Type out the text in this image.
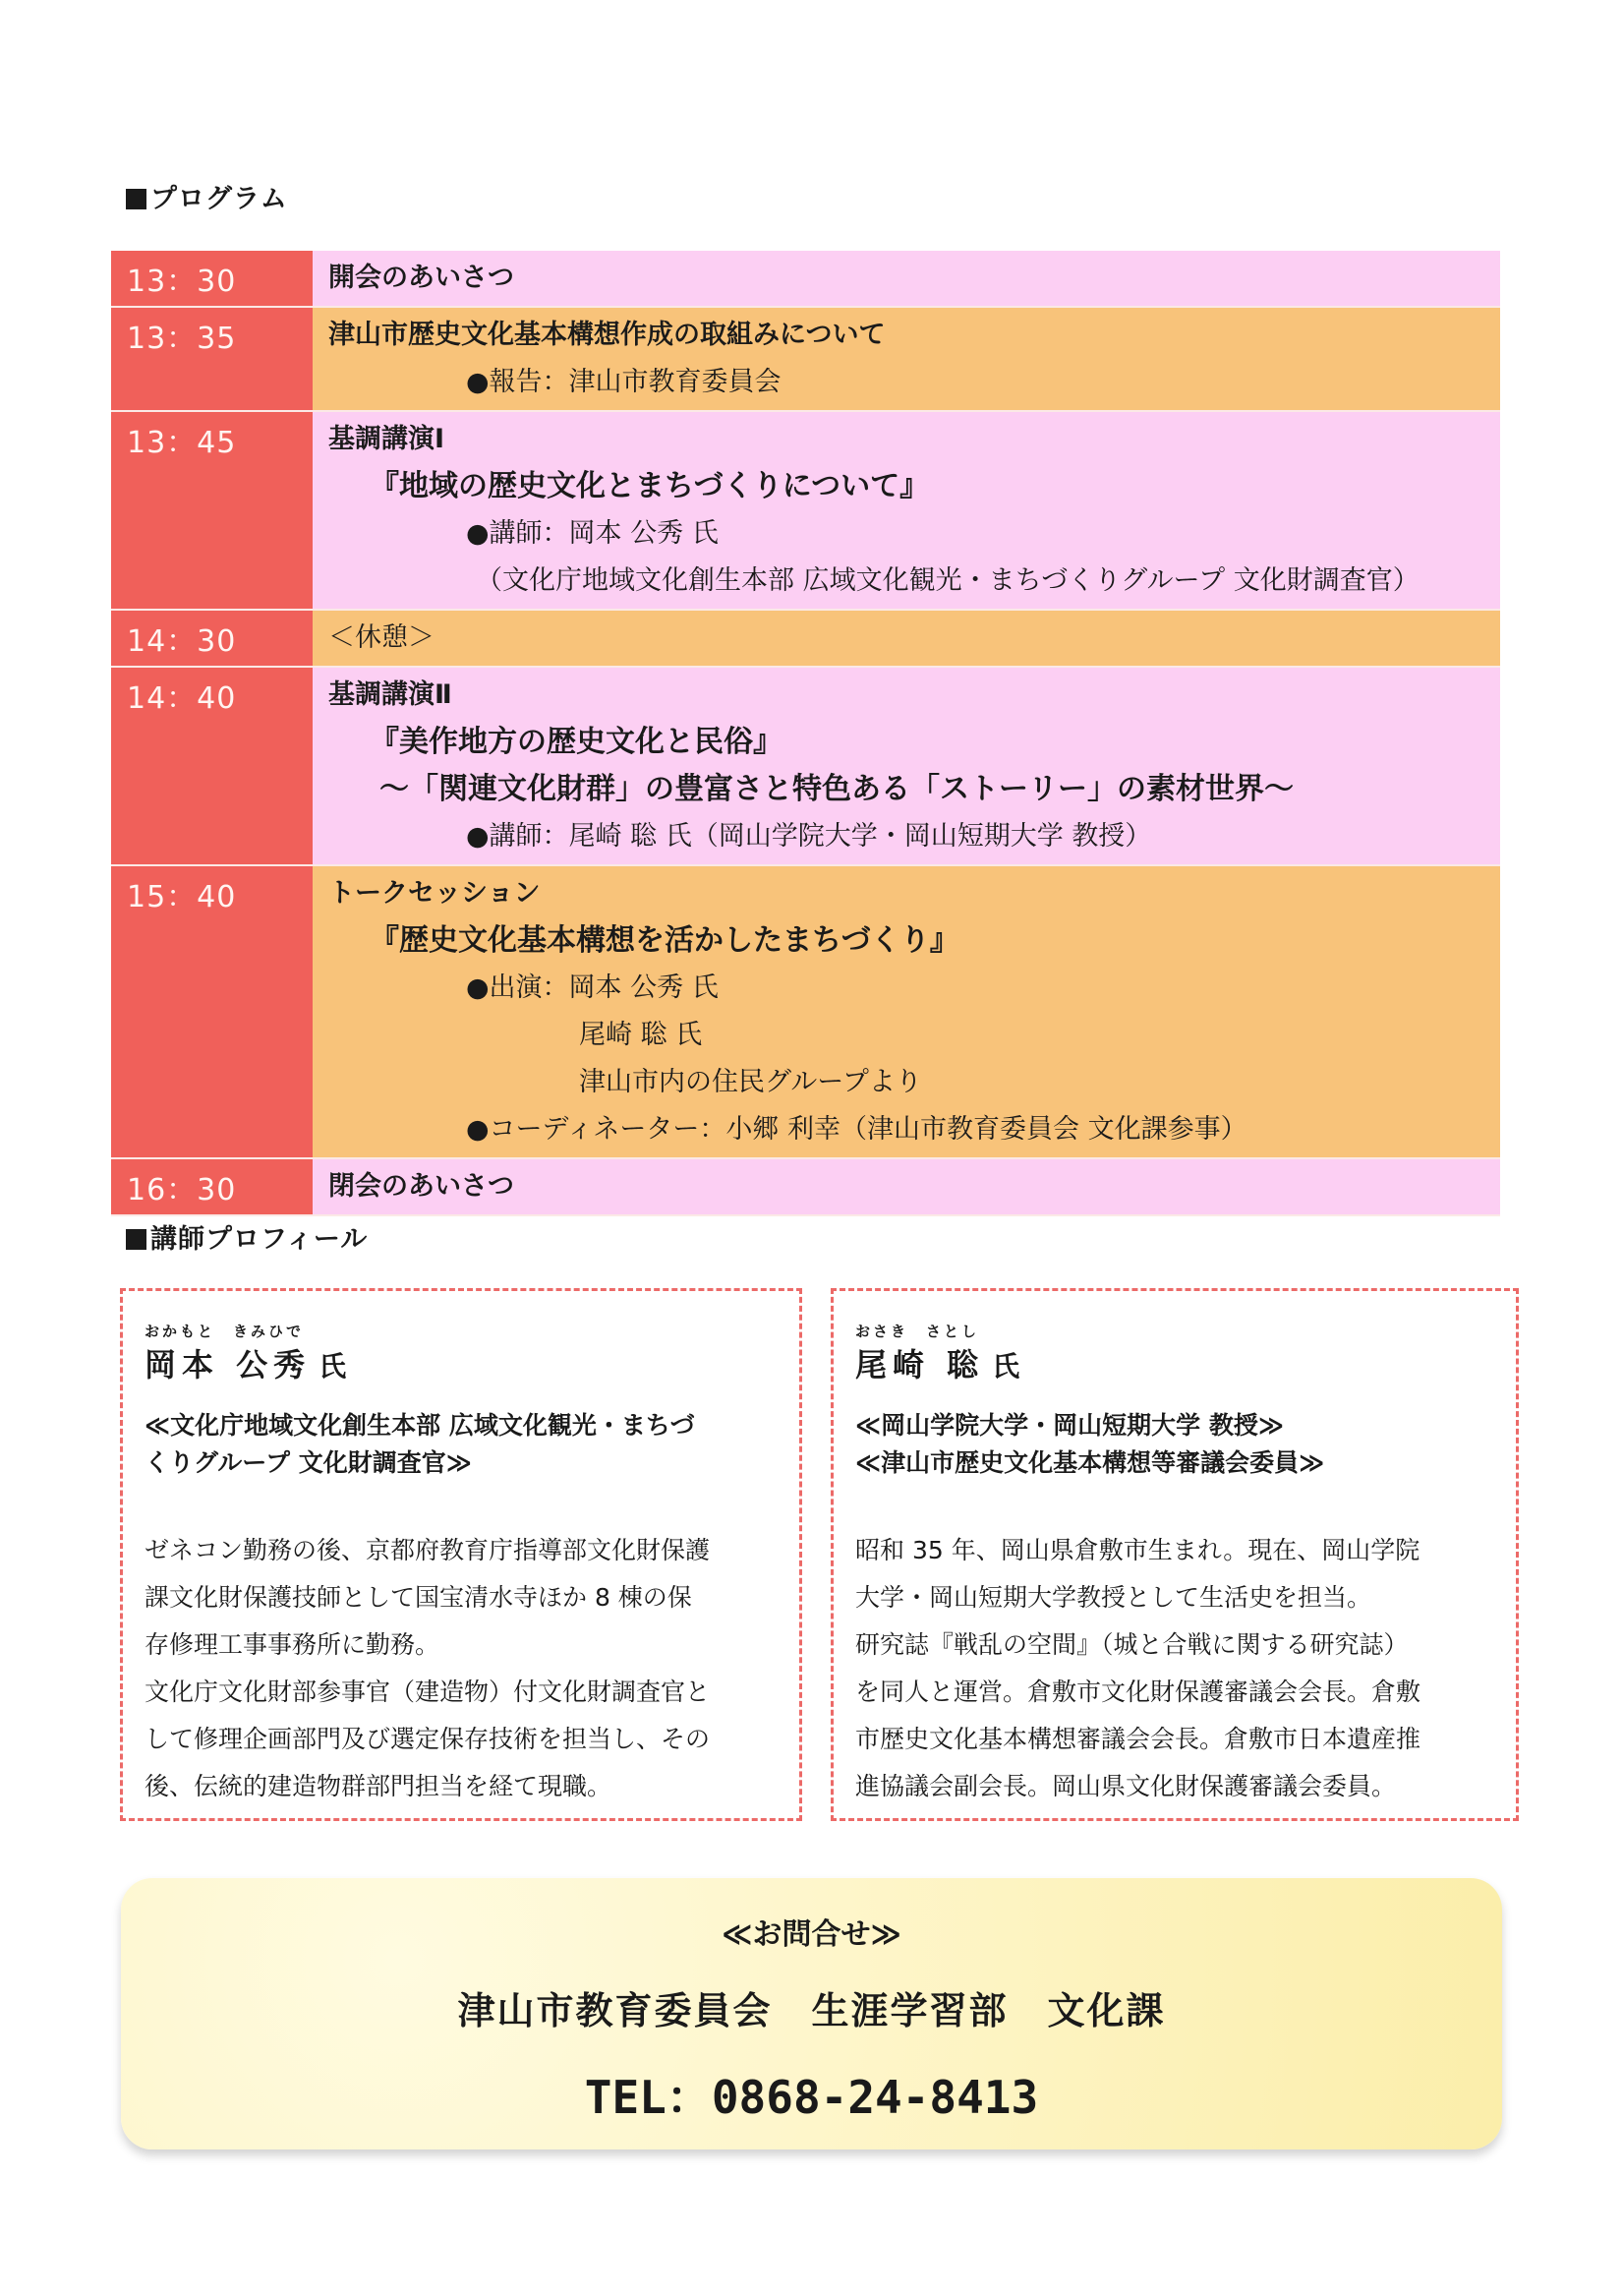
プログラム
13：30	開会のあいさつ
13：35	津山市歴史文化基本構想作成の取組みについて
●報告：津山市教育委員会
13：45	基調講演Ⅰ
『地域の歴史文化とまちづくりについて』
●講師：岡本 公秀 氏
（文化庁地域文化創生本部 広域文化観光・まちづくりグループ 文化財調査官）
14：30	＜休憩＞
14：40	基調講演Ⅱ
『美作地方の歴史文化と民俗』
～「関連文化財群」の豊富さと特色ある「ストーリー」の素材世界～
●講師：尾崎 聡 氏（岡山学院大学・岡山短期大学 教授）
15：40	トークセッション
『歴史文化基本構想を活かしたまちづくり』
●出演：岡本 公秀 氏
尾崎 聡 氏
津山市内の住民グループより
●コーディネーター：小郷 利幸（津山市教育委員会 文化課参事）
16：30	閉会のあいさつ
講師プロフィール
おかもと　きみひで
岡本 公秀 氏
≪文化庁地域文化創生本部 広域文化観光・まちづ
くりグループ 文化財調査官≫
ゼネコン勤務の後、京都府教育庁指導部文化財保護
課文化財保護技師として国宝清水寺ほか 8 棟の保
存修理工事事務所に勤務。
文化庁文化財部参事官（建造物）付文化財調査官と
して修理企画部門及び選定保存技術を担当し、その
後、伝統的建造物群部門担当を経て現職。
おさき　さとし
尾崎 聡 氏
≪岡山学院大学・岡山短期大学 教授≫
≪津山市歴史文化基本構想等審議会委員≫
昭和 35 年、岡山県倉敷市生まれ。現在、岡山学院
大学・岡山短期大学教授として生活史を担当。
研究誌『戦乱の空間』（城と合戦に関する研究誌）
を同人と運営。倉敷市文化財保護審議会会長。倉敷
市歴史文化基本構想審議会会長。倉敷市日本遺産推
進協議会副会長。岡山県文化財保護審議会委員。
≪お問合せ≫
津山市教育委員会　生涯学習部　文化課
TEL：0868-24-8413
